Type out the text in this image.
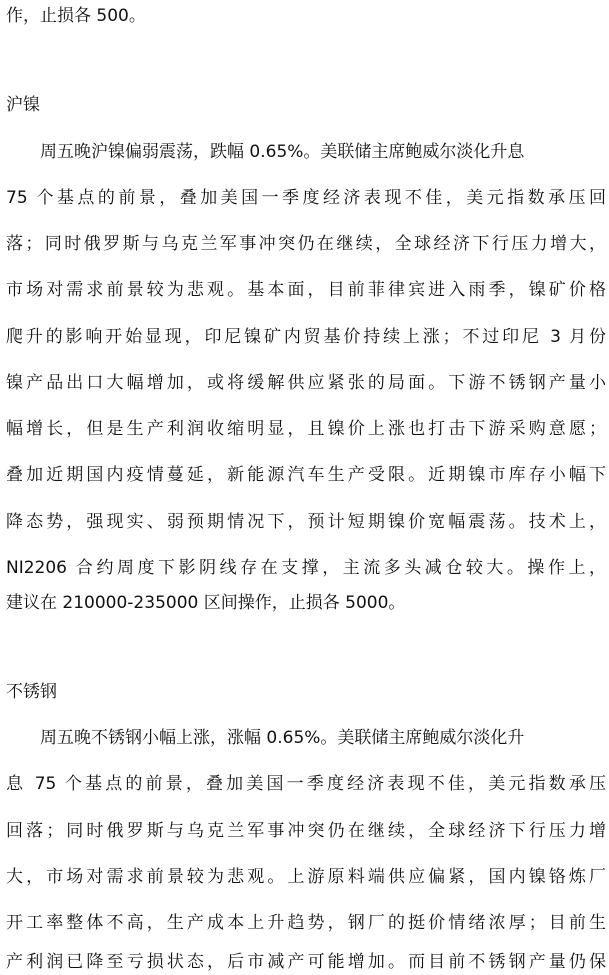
作，止损各 500。
沪镍
周五晚沪镍偏弱震荡，跌幅 0.65%。美联储主席鲍威尔淡化升息
75 个基点的前景，叠加美国一季度经济表现不佳，美元指数承压回
落；同时俄罗斯与乌克兰军事冲突仍在继续，全球经济下行压力增大，
市场对需求前景较为悲观。基本面，目前菲律宾进入雨季，镍矿价格
爬升的影响开始显现，印尼镍矿内贸基价持续上涨；不过印尼 3 月份
镍产品出口大幅增加，或将缓解供应紧张的局面。下游不锈钢产量小
幅增长，但是生产利润收缩明显，且镍价上涨也打击下游采购意愿；
叠加近期国内疫情蔓延，新能源汽车生产受限。近期镍市库存小幅下
降态势，强现实、弱预期情况下，预计短期镍价宽幅震荡。技术上，
NI2206 合约周度下影阴线存在支撑，主流多头减仓较大。操作上，
建议在 210000-235000 区间操作，止损各 5000。
不锈钢
周五晚不锈钢小幅上涨，涨幅 0.65%。美联储主席鲍威尔淡化升
息 75 个基点的前景，叠加美国一季度经济表现不佳，美元指数承压
回落；同时俄罗斯与乌克兰军事冲突仍在继续，全球经济下行压力增
大，市场对需求前景较为悲观。上游原料端供应偏紧，国内镍铬炼厂
开工率整体不高，生产成本上升趋势，钢厂的挺价情绪浓厚；目前生
产利润已降至亏损状态，后市减产可能增加。而目前不锈钢产量仍保
